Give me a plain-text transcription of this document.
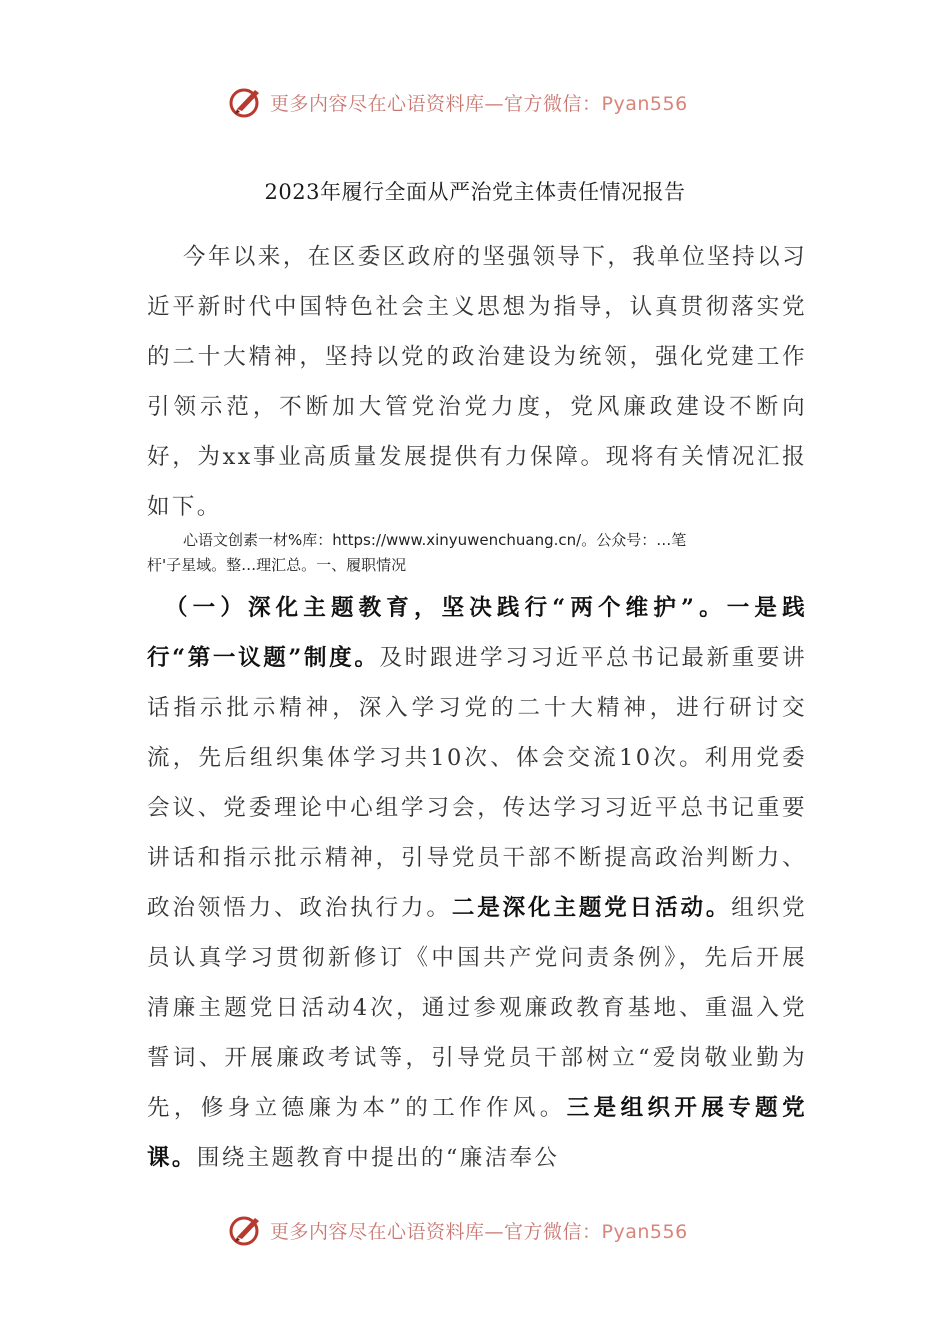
更多内容尽在心语资料库—官方微信：Pyan556
2023年履行全面从严治党主体责任情况报告
今年以来，在区委区政府的坚强领导下，我单位坚持以习近平新时代中国特色社会主义思想为指导，认真贯彻落实党的二十大精神，坚持以党的政治建设为统领，强化党建工作引领示范，不断加大管党治党力度，党风廉政建设不断向好，为xx事业高质量发展提供有力保障。现将有关情况汇报如下。
心语文创素一材%库：https://www.xinyuwenchuang.cn/。公众号：…笔
杆'子星域。整…理汇总。一、履职情况
（一）深化主题教育，坚决践行“两个维护”。一是践行“第一议题”制度。及时跟进学习习近平总书记最新重要讲话指示批示精神，深入学习党的二十大精神，进行研讨交流，先后组织集体学习共10次、体会交流10次。利用党委会议、党委理论中心组学习会，传达学习习近平总书记重要讲话和指示批示精神，引导党员干部不断提高政治判断力、政治领悟力、政治执行力。二是深化主题党日活动。组织党员认真学习贯彻新修订《中国共产党问责条例》，先后开展清廉主题党日活动4次，通过参观廉政教育基地、重温入党誓词、开展廉政考试等，引导党员干部树立“爱岗敬业勤为先，修身立德廉为本”的工作作风。三是组织开展专题党课。围绕主题教育中提出的“廉洁奉公
更多内容尽在心语资料库—官方微信：Pyan556
